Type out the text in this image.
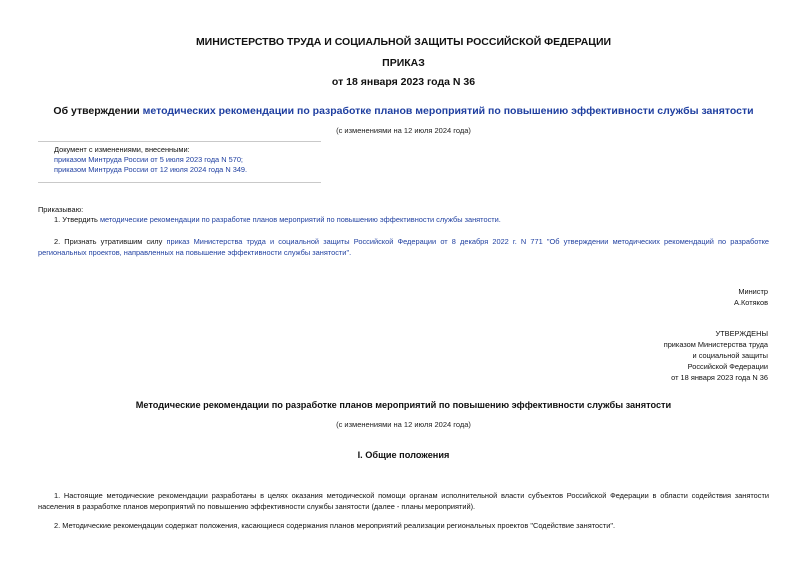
МИНИСТЕРСТВО ТРУДА И СОЦИАЛЬНОЙ ЗАЩИТЫ РОССИЙСКОЙ ФЕДЕРАЦИИ
ПРИКАЗ
от 18 января 2023 года N 36
Об утверждении методических рекомендации по разработке планов мероприятий по повышению эффективности службы занятости
(с изменениями на 12 июля 2024 года)
Документ с изменениями, внесенными:
приказом Минтруда России от 5 июля 2023 года N 570;
приказом Минтруда России от 12 июля 2024 года N 349.
Приказываю:
1. Утвердить методические рекомендации по разработке планов мероприятий по повышению эффективности службы занятости.
2. Признать утратившим силу приказ Министерства труда и социальной защиты Российской Федерации от 8 декабря 2022 г. N 771 "Об утверждении методических рекомендаций по разработке региональных проектов, направленных на повышение эффективности службы занятости".
Министр
А.Котяков
УТВЕРЖДЕНЫ
приказом Министерства труда
и социальной защиты
Российской Федерации
от 18 января 2023 года N 36
Методические рекомендации по разработке планов мероприятий по повышению эффективности службы занятости
(с изменениями на 12 июля 2024 года)
I. Общие положения
1. Настоящие методические рекомендации разработаны в целях оказания методической помощи органам исполнительной власти субъектов Российской Федерации в области содействия занятости населения в разработке планов мероприятий по повышению эффективности службы занятости (далее - планы мероприятий).
2. Методические рекомендации содержат положения, касающиеся содержания планов мероприятий реализации региональных проектов "Содействие занятости".
